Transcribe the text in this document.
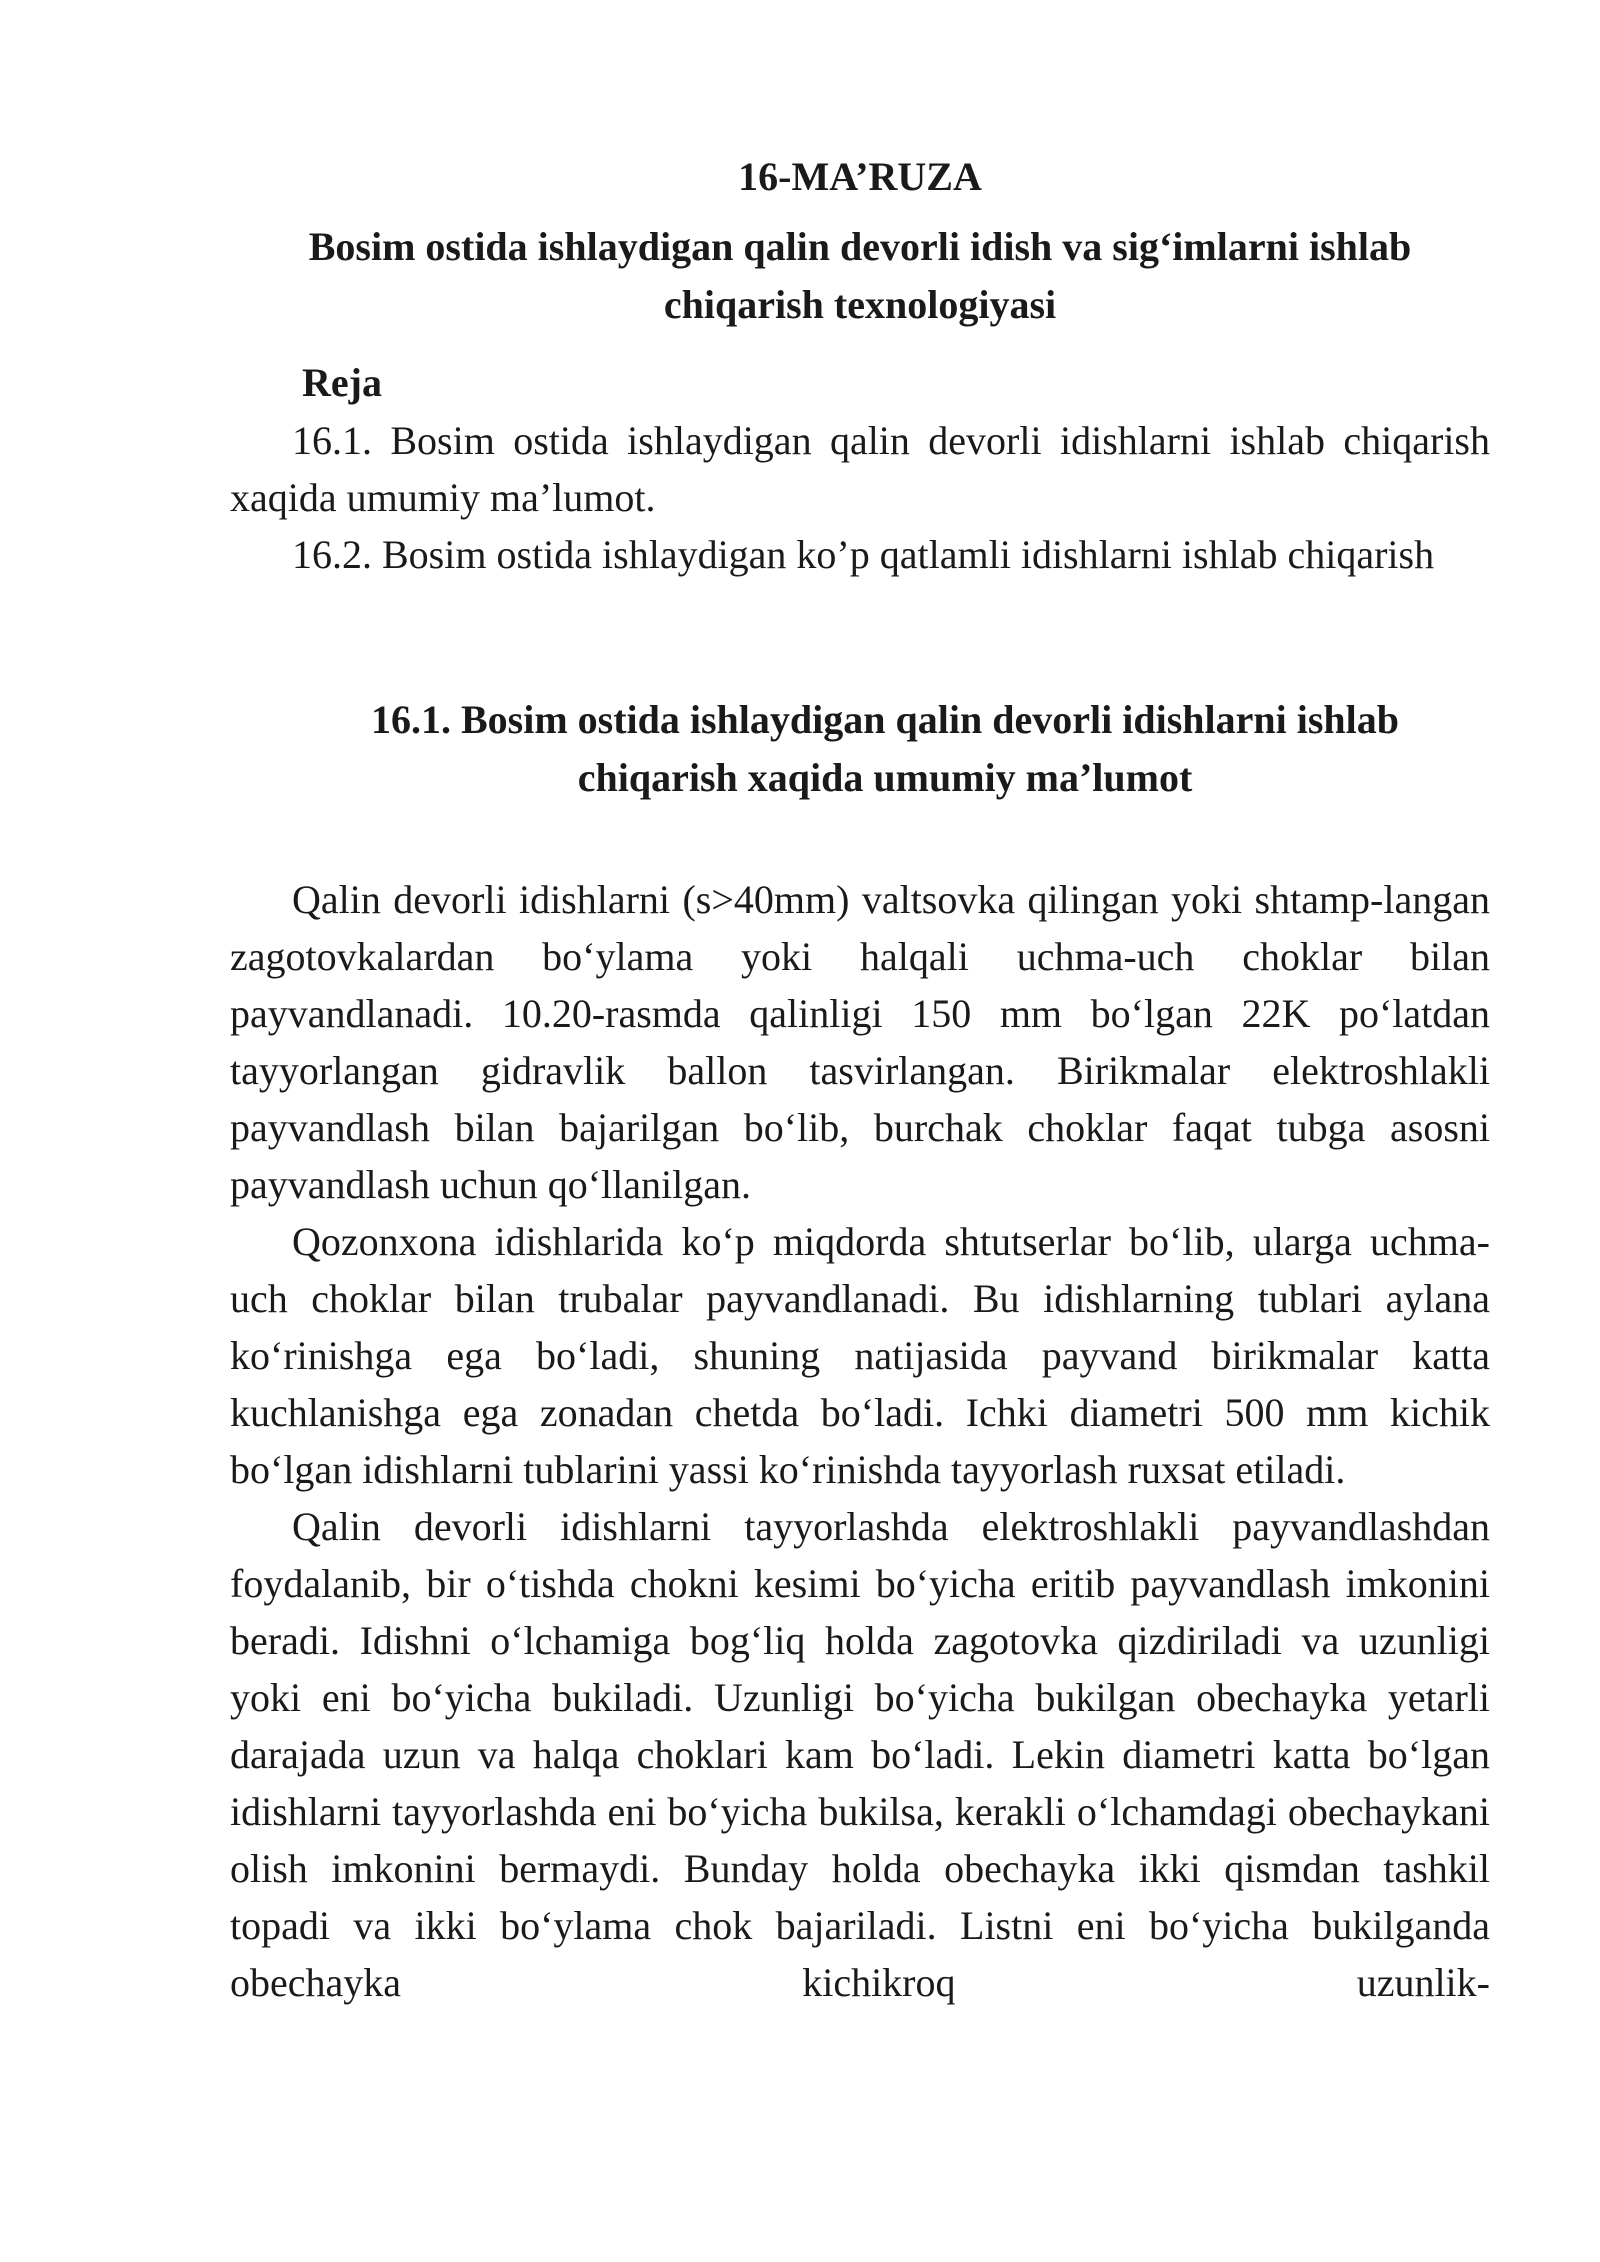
16-MA’RUZA
Bosim ostida ishlaydigan qalin devorli idish va sig‘imlarni ishlab chiqarish texnologiyasi
Reja

16.1. Bosim ostida ishlaydigan qalin devorli idishlarni ishlab chiqarish xaqida umumiy ma’lumot.

16.2. Bosim ostida ishlaydigan ko’p qatlamli idishlarni ishlab chiqarish

16.1. Bosim ostida ishlaydigan qalin devorli idishlarni ishlab chiqarish xaqida umumiy ma’lumot

Qalin devorli idishlarni (s>40mm) valtsovka qilingan yoki shtamp-langan zagotovkalardan bo‘ylama yoki halqali uchma-uch choklar bilan payvandlanadi. 10.20-rasmda qalinligi 150 mm bo‘lgan 22K po‘latdan tayyorlangan gidravlik ballon tasvirlangan. Birikmalar elektroshlakli payvandlash bilan bajarilgan bo‘lib, burchak choklar faqat tubga asosni payvandlash uchun qo‘llanilgan.

Qozonxona idishlarida ko‘p miqdorda shtutserlar bo‘lib, ularga uchma-uch choklar bilan trubalar payvandlanadi. Bu idishlarning tublari aylana ko‘rinishga ega bo‘ladi, shuning natijasida payvand birikmalar katta kuchlanishga ega zonadan chetda bo‘ladi. Ichki diametri 500 mm kichik bo‘lgan idishlarni tublarini yassi ko‘rinishda tayyorlash ruxsat etiladi.

Qalin devorli idishlarni tayyorlashda elektroshlakli payvandlashdan foydalanib, bir o‘tishda chokni kesimi bo‘yicha eritib payvandlash imkonini beradi. Idishni o‘lchamiga bog‘liq holda zagotovka qizdiriladi va uzunligi yoki eni bo‘yicha bukiladi. Uzunligi bo‘yicha bukilgan obechayka yetarli darajada uzun va halqa choklari kam bo‘ladi. Lekin diametri katta bo‘lgan idishlarni tayyorlashda eni bo‘yicha bukilsa, kerakli o‘lchamdagi obechaykani olish imkonini bermaydi. Bunday holda obechayka ikki qismdan tashkil topadi va ikki bo‘ylama chok bajariladi. Listni eni bo‘yicha bukilganda obechayka kichikroq uzunlik-
